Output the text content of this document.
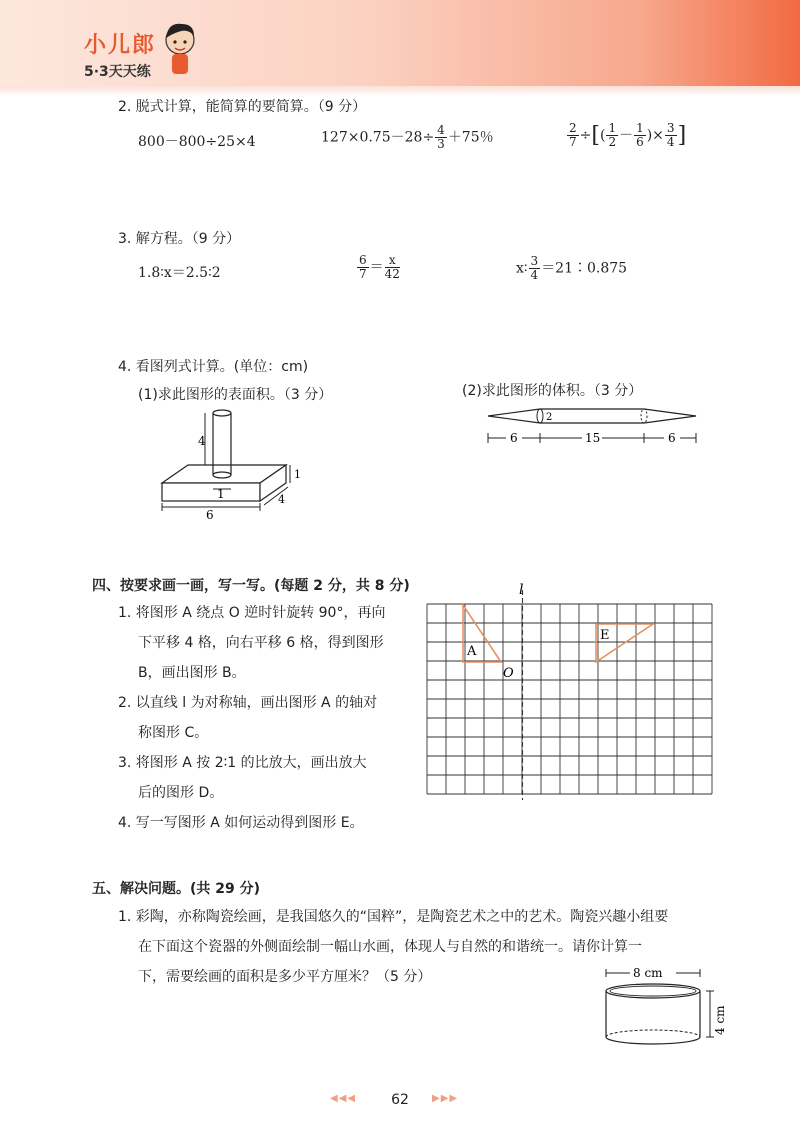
小儿郎
5·3天天练
2. 脱式计算，能简算的要简算。（9 分）
800－800÷25×4	$127\times 0.75-28\div \frac{4}{3} +75$％	$\frac{2}{7}$ ÷[( $\frac{1}{2} - \frac{1}{6}$ )× $\frac{3}{4}$ ]
3. 解方程。（9 分）
1.8∶x＝2.5∶2	$\frac{6}{7} = \frac{x}{42}$	x∶ $\frac{3}{4}$ ＝21∶0.875
4. 看图列式计算。(单位：cm)
(1)求此图形的表面积。（3 分）	(2)求此图形的体积。（3 分）
4
1
1
4
6
2
6	15	6
四、按要求画一画，写一写。(每题 2 分，共 8 分)
1. 将图形 A 绕点 O 逆时针旋转 90°，再向
下平移 4 格，向右平移 6 格，得到图形
B，画出图形 B。
2. 以直线 l 为对称轴，画出图形 A 的轴对
称图形 C。
3. 将图形 A 按 2∶1 的比放大，画出放大
后的图形 D。
4. 写一写图形 A 如何运动得到图形 E。
l
A
O
E
五、解决问题。(共 29 分)
1. 彩陶，亦称陶瓷绘画，是我国悠久的“国粹”，是陶瓷艺术之中的艺术。陶瓷兴趣小组要
在下面这个瓷器的外侧面绘制一幅山水画，体现人与自然的和谐统一。请你计算一
下，需要绘画的面积是多少平方厘米？（5 分）	8 cm
4 cm
◀◀◀	62	▶▶▶
